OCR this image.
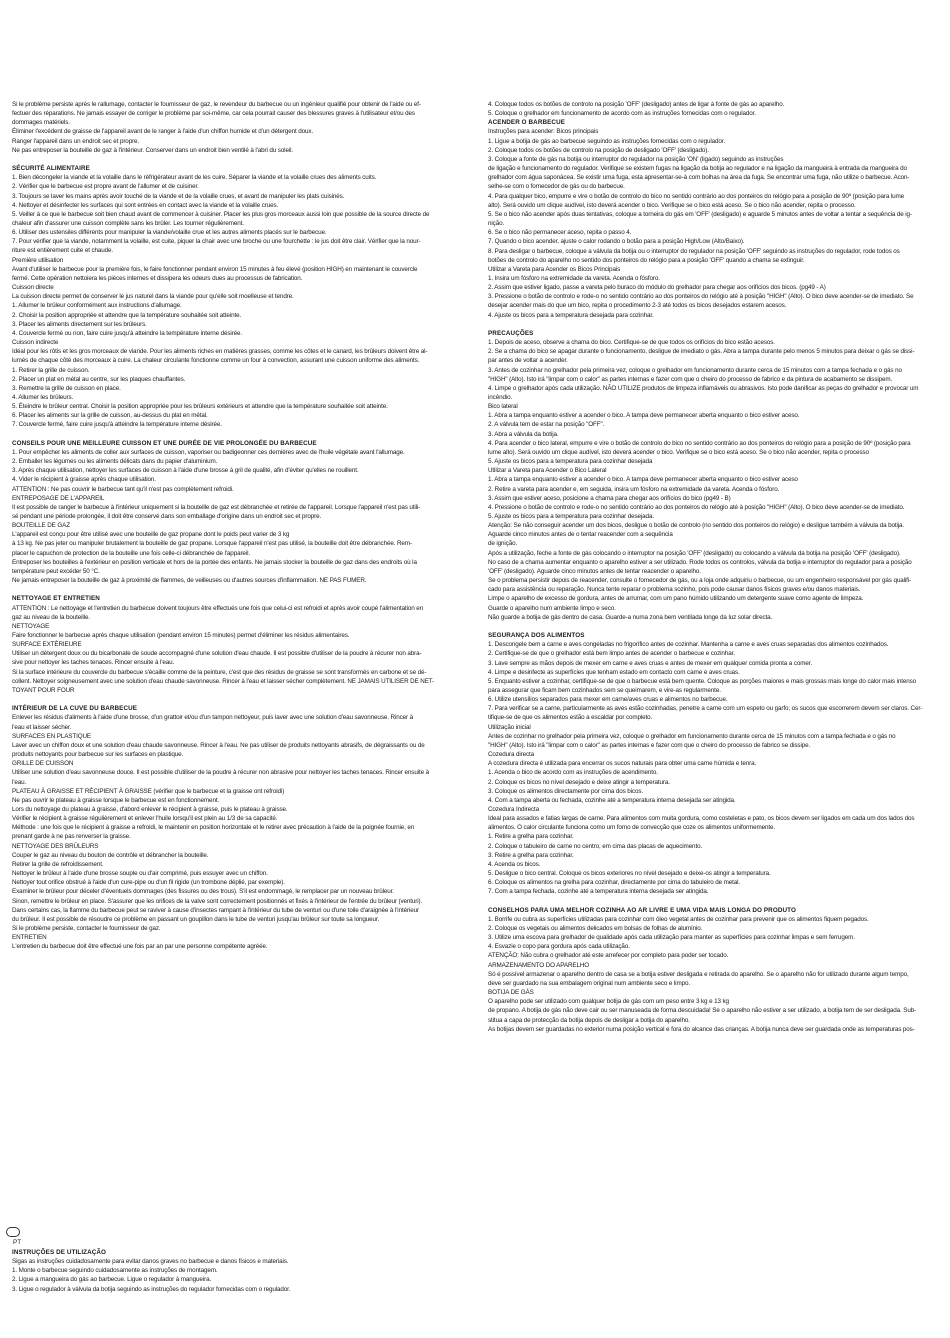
Si le problème persiste après le rallumage, contacter le fournisseur de gaz, le revendeur du barbecue ou un ingénieur qualifié pour obtenir de l'aide ou ef-
fectuer des réparations. Ne jamais essayer de corriger le problème par soi-même, car cela pourrait causer des blessures graves à l'utilisateur et/ou des
dommages matériels.
Éliminer l'excédent de graisse de l'appareil avant de le ranger à l'aide d'un chiffon humide et d'un détergent doux.
Ranger l'appareil dans un endroit sec et propre.
Ne pas entreposer la bouteille de gaz à l'intérieur. Conserver dans un endroit bien ventilé à l'abri du soleil.
SÉCURITÉ ALIMENTAIRE
1. Bien décongeler la viande et la volaille dans le réfrigérateur avant de les cuire. Séparer la viande et la volaille crues des aliments cuits.
2. Vérifier que le barbecue est propre avant de l'allumer et de cuisiner.
3. Toujours se laver les mains après avoir touché de la viande et de la volaille crues, et avant de manipuler les plats cuisinés.
4. Nettoyer et désinfecter les surfaces qui sont entrées en contact avec la viande et la volaille crues.
5. Veiller à ce que le barbecue soit bien chaud avant de commencer à cuisiner. Placer les plus gros morceaux aussi loin que possible de la source directe de
chaleur afin d'assurer une cuisson complète sans les brûler. Les tourner régulièrement.
6. Utiliser des ustensiles différents pour manipuler la viande/volaille crue et les autres aliments placés sur le barbecue.
7. Pour vérifier que la viande, notamment la volaille, est cuite, piquer la chair avec une broche ou une fourchette : le jus doit être clair. Vérifier que la nour-
riture est entièrement cuite et chaude.
Première utilisation
Avant d'utiliser le barbecue pour la première fois, le faire fonctionner pendant environ 15 minutes à feu élevé (position HIGH) en maintenant le couvercle
fermé. Cette opération nettoiera les pièces internes et dissipera les odeurs dues au processus de fabrication.
Cuisson directe
La cuisson directe permet de conserver le jus naturel dans la viande pour qu'elle soit moelleuse et tendre.
1. Allumer le brûleur conformément aux instructions d'allumage.
2. Choisir la position appropriée et attendre que la température souhaitée soit atteinte.
3. Placer les aliments directement sur les brûleurs.
4. Couvercle fermé ou non, faire cuire jusqu'à atteindre la température interne désirée.
Cuisson indirecte
Idéal pour les rôtis et les gros morceaux de viande. Pour les aliments riches en matières grasses, comme les côtes et le canard, les brûleurs doivent être al-
lumés de chaque côté des morceaux à cuire. La chaleur circulante fonctionne comme un four à convection, assurant une cuisson uniforme des aliments.
1. Retirer la grille de cuisson.
2. Placer un plat en métal au centre, sur les plaques chauffantes.
3. Remettre la grille de cuisson en place.
4. Allumer les brûleurs.
5. Éteindre le brûleur central. Choisir la position appropriée pour les brûleurs extérieurs et attendre que la température souhaitée soit atteinte.
6. Placer les aliments sur la grille de cuisson, au-dessus du plat en métal.
7. Couvercle fermé, faire cuire jusqu'à atteindre la température interne désirée.
CONSEILS POUR UNE MEILLEURE CUISSON ET UNE DURÉE DE VIE PROLONGÉE DU BARBECUE
1. Pour empêcher les aliments de coller aux surfaces de cuisson, vaporiser ou badigeonner ces dernières avec de l'huile végétale avant l'allumage.
2. Emballer les légumes ou les aliments délicats dans du papier d'aluminium.
3. Après chaque utilisation, nettoyer les surfaces de cuisson à l'aide d'une brosse à gril de qualité, afin d'éviter qu'elles ne rouillent.
4. Vider le récipient à graisse après chaque utilisation.
ATTENTION : Ne pas couvrir le barbecue tant qu'il n'est pas complètement refroidi.
ENTREPOSAGE DE L'APPAREIL
Il est possible de ranger le barbecue à l'intérieur uniquement si la bouteille de gaz est débranchée et retirée de l'appareil. Lorsque l'appareil n'est pas utili-
sé pendant une période prolongée, il doit être conservé dans son emballage d'origine dans un endroit sec et propre.
BOUTEILLE DE GAZ
L'appareil est conçu pour être utilisé avec une bouteille de gaz propane dont le poids peut varier de 3 kg
à 13 kg. Ne pas jeter ou manipuler brutalement la bouteille de gaz propane. Lorsque l'appareil n'est pas utilisé, la bouteille doit être débranchée. Rem-
placer le capuchon de protection de la bouteille une fois celle-ci débranchée de l'appareil.
Entreposer les bouteilles à l'extérieur en position verticale et hors de la portée des enfants. Ne jamais stocker la bouteille de gaz dans des endroits où la
température peut excéder 50 °C.
Ne jamais entreposer la bouteille de gaz à proximité de flammes, de veilleuses ou d'autres sources d'inflammation. NE PAS FUMER.
NETTOYAGE ET ENTRETIEN
ATTENTION : Le nettoyage et l'entretien du barbecue doivent toujours être effectués une fois que celui-ci est refroidi et après avoir coupé l'alimentation en
gaz au niveau de la bouteille.
NETTOYAGE
Faire fonctionner le barbecue après chaque utilisation (pendant environ 15 minutes) permet d'éliminer les résidus alimentaires.
SURFACE EXTÉRIEURE
Utiliser un détergent doux ou du bicarbonate de soude accompagné d'une solution d'eau chaude. Il est possible d'utiliser de la poudre à récurer non abra-
sive pour nettoyer les taches tenaces. Rincer ensuite à l'eau.
Si la surface intérieure du couvercle du barbecue s'écaille comme de la peinture, c'est que des résidus de graisse se sont transformés en carbone et se dé-
collent. Nettoyer soigneusement avec une solution d'eau chaude savonneuse. Rincer à l'eau et laisser sécher complètement. NE JAMAIS UTILISER DE NET-
TOYANT POUR FOUR
INTÉRIEUR DE LA CUVE DU BARBECUE
Enlever les résidus d'aliments à l'aide d'une brosse, d'un grattoir et/ou d'un tampon nettoyeur, puis laver avec une solution d'eau savonneuse. Rincer à
l'eau et laisser sécher.
SURFACES EN PLASTIQUE
Laver avec un chiffon doux et une solution d'eau chaude savonneuse. Rincer à l'eau. Ne pas utiliser de produits nettoyants abrasifs, de dégraissants ou de
produits nettoyants pour barbecue sur les surfaces en plastique.
GRILLE DE CUISSON
Utiliser une solution d'eau savonneuse douce. Il est possible d'utiliser de la poudre à récurer non abrasive pour nettoyer les taches tenaces. Rincer ensuite à
l'eau.
PLATEAU À GRAISSE ET RÉCIPIENT À GRAISSE (vérifier que le barbecue et la graisse ont refroidi)
Ne pas ouvrir le plateau à graisse lorsque le barbecue est en fonctionnement.
Lors du nettoyage du plateau à graisse, d'abord enlever le récipient à graisse, puis le plateau à graisse.
Vérifier le récipient à graisse régulièrement et enlever l'huile lorsqu'il est plein au 1/3 de sa capacité.
Méthode : une fois que le récipient à graisse a refroidi, le maintenir en position horizontale et le retirer avec précaution à l'aide de la poignée fournie, en
prenant garde à ne pas renverser la graisse.
NETTOYAGE DES BRÛLEURS
Couper le gaz au niveau du bouton de contrôle et débrancher la bouteille.
Retirer la grille de refroidissement.
Nettoyer le brûleur à l'aide d'une brosse souple ou d'air comprimé, puis essuyer avec un chiffon.
Nettoyer tout orifice obstrué à l'aide d'un cure-pipe ou d'un fil rigide (un trombone déplié, par exemple).
Examiner le brûleur pour déceler d'éventuels dommages (des fissures ou des trous). S'il est endommagé, le remplacer par un nouveau brûleur.
Sinon, remettre le brûleur en place. S'assurer que les orifices de la valve sont correctement positionnés et fixés à l'intérieur de l'entrée du brûleur (venturi).
Dans certains cas, la flamme du barbecue peut se raviver à cause d'insectes rampant à l'intérieur du tube de venturi ou d'une toile d'araignée à l'intérieur
du brûleur. Il est possible de résoudre ce problème en passant un goupillon dans le tube de venturi jusqu'au brûleur sur toute sa longueur.
Si le problème persiste, contacter le fournisseur de gaz.
ENTRETIEN
L'entretien du barbecue doit être effectué une fois par an par une personne compétente agréée.
PT
INSTRUÇÕES DE UTILIZAÇÃO
Sigas as instruções cuidadosamente para evitar danos graves no barbecue e danos físicos e materiais.
1. Monte o barbecue seguindo cuidadosamente as instruções de montagem.
2. Ligue a mangueira do gás ao barbecue. Ligue o regulador à mangueira.
3. Ligue o regulador à válvula da botija seguindo as instruções do regulador fornecidas com o regulador.
4. Coloque todos os botões de controlo na posição 'OFF' (desligado) antes de ligar à fonte de gás ao aparelho.
5. Coloque o grelhador em funcionamento de acordo com as instruções fornecidas com o regulador.
ACENDER O BARBECUE
Instruções para acender: Bicos principais
1. Ligue a botija de gás ao barbecue seguindo as instruções fornecidas com o regulador.
2. Coloque todos os botões de controlo na posição de desligado 'OFF' (desligado).
3. Coloque a fonte de gás na botija ou interruptor do regulador na posição 'ON' (ligado) seguindo as instruções
de ligação e funcionamento do regulador. Verifique se existem fugas na ligação da botija ao regulador e na ligação da mangueira à entrada da mangueira do
grelhador com água saponácea. Se existir uma fuga, esta apresentar-se-á com bolhas na área da fuga. Se encontrar uma fuga, não utilize o barbecue. Acon-
selhe-se com o fornecedor de gás ou do barbecue.
4. Para qualquer bico, empurre e vire o botão de controlo do bico no sentido contrário ao dos ponteiros do relógio para a posição de 90º (posição para lume
alto). Será ouvido um clique audível, isto deverá acender o bico. Verifique se o bico está aceso. Se o bico não acender, repita o processo.
5. Se o bico não acender após duas tentativas, coloque a torneira do gás em 'OFF' (desligado) e aguarde 5 minutos antes de voltar a tentar a sequência de ig-
nição.
6. Se o bico não permanecer aceso, repita o passo 4.
7. Quando o bico acender, ajuste o calor rodando o botão para a posição High/Low (Alto/Baixo).
8. Para desligar o barbecue, coloque a válvula da botija ou o interruptor do regulador na posição 'OFF' seguindo as instruções do regulador, rode todos os
botões de controlo do aparelho no sentido dos ponteiros do relógio para a posição 'OFF' quando a chama se extinguir.
Utilizar a Vareta para Acender os Bicos Principais
1. Insira um fósforo na extremidade da vareta. Acenda o fósforo.
2. Assim que estiver ligado, passe a vareta pelo buraco do módulo do grelhador para chegar aos orifícios dos bicos. (pg49 - A)
3. Pressione o botão de controlo e rode-o no sentido contrário ao dos ponteiros do relógio até à posição "HIGH" (Alto). O bico deve acender-se de imediato. Se
desejar acender mais do que um bico, repita o procedimento 2-3 até todos os bicos desejados estarem acesos.
4. Ajuste os bicos para a temperatura desejada para cozinhar.
PRECAUÇÕES
1. Depois de aceso, observe a chama do bico. Certifique-se de que todos os orifícios do bico estão acesos.
2. Se a chama do bico se apagar durante o funcionamento, desligue de imediato o gás. Abra a tampa durante pelo menos 5 minutos para deixar o gás se dissi-
par antes de voltar a acender.
3. Antes de cozinhar no grelhador pela primeira vez, coloque o grelhador em funcionamento durante cerca de 15 minutos com a tampa fechada e o gás no
"HIGH" (Alto). Isto irá "limpar com o calor" as partes internas e fazer com que o cheiro do processo de fabrico e da pintura de acabamento se dissipem.
4. Limpe o grelhador após cada utilização. NÃO UTILIZE produtos de limpeza inflamáveis ou abrasivos. Isto pode danificar as peças do grelhador e provocar um
incêndio.
Bico lateral
1. Abra a tampa enquanto estiver a acender o bico. A tampa deve permanecer aberta enquanto o bico estiver aceso.
2. A válvula tem de estar na posição "OFF".
3. Abra a válvula da botija.
4. Para acender o bico lateral, empurre e vire o botão de controlo do bico no sentido contrário ao dos ponteiros do relógio para a posição de 90º (posição para
lume alto). Será ouvido um clique audível, isto deverá acender o bico. Verifique se o bico está aceso. Se o bico não acender, repita o processo
5. Ajuste os bicos para a temperatura para cozinhar desejada
Utilizar a Vareta para Acender o Bico Lateral
1. Abra a tampa enquanto estiver a acender o bico. A tampa deve permanecer aberta enquanto o bico estiver aceso
2. Retire a vareta para acender e, em seguida, insira um fósforo na extremidade da vareta. Acenda o fósforo.
3. Assim que estiver aceso, posicione a chama para chegar aos orifícios do bico (pg49 - B)
4. Pressione o botão de controlo e rode-o no sentido contrário ao dos ponteiros do relógio até à posição "HIGH" (Alto). O bico deve acender-se de imediato.
5. Ajuste os bicos para a temperatura para cozinhar desejada.
Atenção: Se não conseguir acender um dos bicos, desligue o botão de controlo (no sentido dos ponteiros do relógio) e desligue também a válvula da botija.
Aguarde cinco minutos antes de o tentar reacender com a sequência
de ignição.
Após a utilização, feche a fonte de gás colocando o interruptor na posição 'OFF' (desligado) ou colocando a válvula da botija na posição 'OFF' (desligado).
No caso de a chama aumentar enquanto o aparelho estiver a ser utilizado. Rode todos os controlos, válvula da botija e interruptor do regulador para a posição
'OFF' (desligado). Aguarde cinco minutos antes de tentar reacender o aparelho.
Se o problema persistir depois de reacender, consulte o fornecedor de gás, ou a loja onde adquiriu o barbecue, ou um engenheiro responsável por gás qualifi-
cado para assistência ou reparação. Nunca tente reparar o problema sozinho, pois pode causar danos físicos graves e/ou danos materiais.
Limpe o aparelho de excesso de gordura, antes de arrumar, com um pano húmido utilizando um detergente suave como agente de limpeza.
Guarde o aparelho num ambiente limpo e seco.
Não guarde a botija de gás dentro de casa. Guarde-a numa zona bem ventilada longe da luz solar directa.
SEGURANÇA DOS ALIMENTOS
1. Descongele bem a carne e aves congeladas no frigorífico antes de cozinhar. Mantenha a carne e aves cruas separadas dos alimentos cozinhados.
2. Certifique-se de que o grelhador está bem limpo antes de acender o barbecue e cozinhar.
3. Lave sempre as mãos depois de mexer em carne e aves cruas e antes de mexer em qualquer comida pronta a comer.
4. Limpe e desinfecte as superfícies que tenham estado em contacto com carne e aves cruas.
5. Enquanto estiver a cozinhar, certifique-se de que o barbecue está bem quente. Coloque as porções maiores e mais grossas mais longe do calor mais intenso
para assegurar que ficam bem cozinhados sem se queimarem, e vire-as regularmente.
6. Utilize utensílios separados para mexer em carne/aves cruas e alimentos no barbecue.
7. Para verificar se a carne, particularmente as aves estão cozinhadas, penetre a carne com um espeto ou garfo; os sucos que escorrerem devem ser claros. Cer-
tifique-se de que os alimentos estão a escaldar por completo.
Utilização inicial
Antes de cozinhar no grelhador pela primeira vez, coloque o grelhador em funcionamento durante cerca de 15 minutos com a tampa fechada e o gás no
"HIGH" (Alto). Isto irá "limpar com o calor" as partes internas e fazer com que o cheiro do processo de fabrico se dissipe.
Cozedura directa
A cozedura directa é utilizada para encerrar os sucos naturais para obter uma carne húmida e tenra.
1. Acenda o bico de acordo com as instruções de acendimento.
2. Coloque os bicos no nível desejado e deixe atingir a temperatura.
3. Coloque os alimentos directamente por cima dos bicos.
4. Com a tampa aberta ou fechada, cozinhe até a temperatura interna desejada ser atingida.
Cozedura Indirecta
Ideal para assados e fatias largas de carne. Para alimentos com muita gordura, como costeletas e pato, os bicos devem ser ligados em cada um dos lados dos
alimentos. O calor circulante funciona como um forno de convecção que coze os alimentos uniformemente.
1. Retire a grelha para cozinhar.
2. Coloque o tabuleiro de carne no centro, em cima das placas de aquecimento.
3. Retire a grelha para cozinhar.
4. Acenda os bicos.
5. Desligue o bico central. Coloque os bicos exteriores no nível desejado e deixe-os atingir a temperatura.
6. Coloque os alimentos na grelha para cozinhar, directamente por cima do tabuleiro de metal.
7. Com a tampa fechada, cozinhe até a temperatura interna desejada ser atingida.
CONSELHOS PARA UMA MELHOR COZINHA AO AR LIVRE E UMA VIDA MAIS LONGA DO PRODUTO
1. Borrife ou cubra as superfícies utilizadas para cozinhar com óleo vegetal antes de cozinhar para prevenir que os alimentos fiquem pegados.
2. Coloque os vegetais ou alimentos delicados em bolsas de folhas de alumínio.
3. Utilize uma escova para grelhador de qualidade após cada utilização para manter as superfícies para cozinhar limpas e sem ferrugem.
4. Esvazie o copo para gordura após cada utilização.
ATENÇÃO: Não cubra o grelhador até este arrefecer por completo para poder ser tocado.
ARMAZENAMENTO DO APARELHO
Só é possível armazenar o aparelho dentro de casa se a botija estiver desligada e retirada do aparelho. Se o aparelho não for utilizado durante algum tempo,
deve ser guardado na sua embalagem original num ambiente seco e limpo.
BOTIJA DE GÁS
O aparelho pode ser utilizado com qualquer botija de gás com um peso entre 3 kg e 13 kg
de propano. A botija de gás não deve cair ou ser manuseada de forma descuidada! Se o aparelho não estiver a ser utilizado, a botija tem de ser desligada. Sub-
stitua a capa de protecção da botija depois de desligar a botija do aparelho.
As botijas devem ser guardadas no exterior numa posição vertical e fora do alcance das crianças. A botija nunca deve ser guardada onde as temperaturas pos-
